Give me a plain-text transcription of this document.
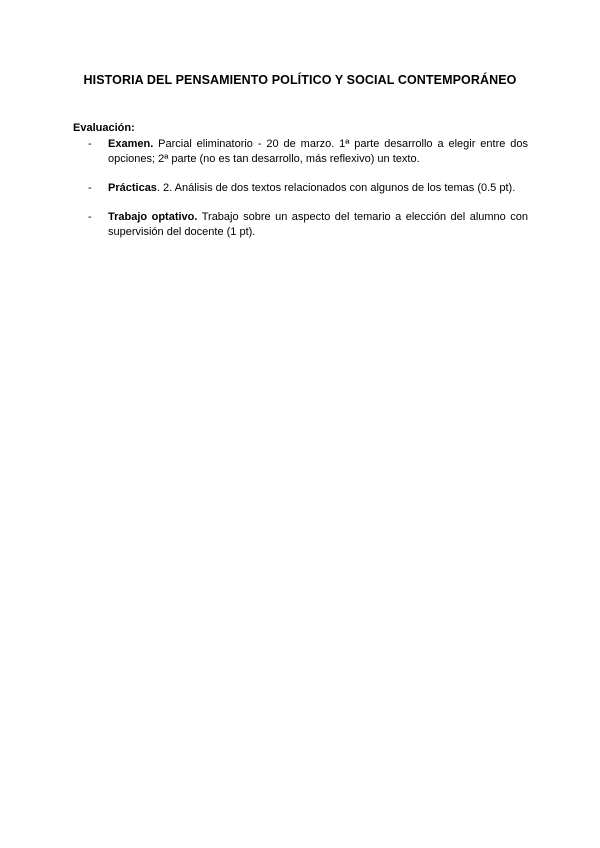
HISTORIA DEL PENSAMIENTO POLÍTICO Y SOCIAL CONTEMPORÁNEO

Evaluación:

- Examen. Parcial eliminatorio - 20 de marzo. 1ª parte desarrollo a elegir entre dos opciones; 2ª parte (no es tan desarrollo, más reflexivo) un texto.
- Prácticas. 2. Análisis de dos textos relacionados con algunos de los temas (0.5 pt).
- Trabajo optativo. Trabajo sobre un aspecto del temario a elección del alumno con supervisión del docente (1 pt).
